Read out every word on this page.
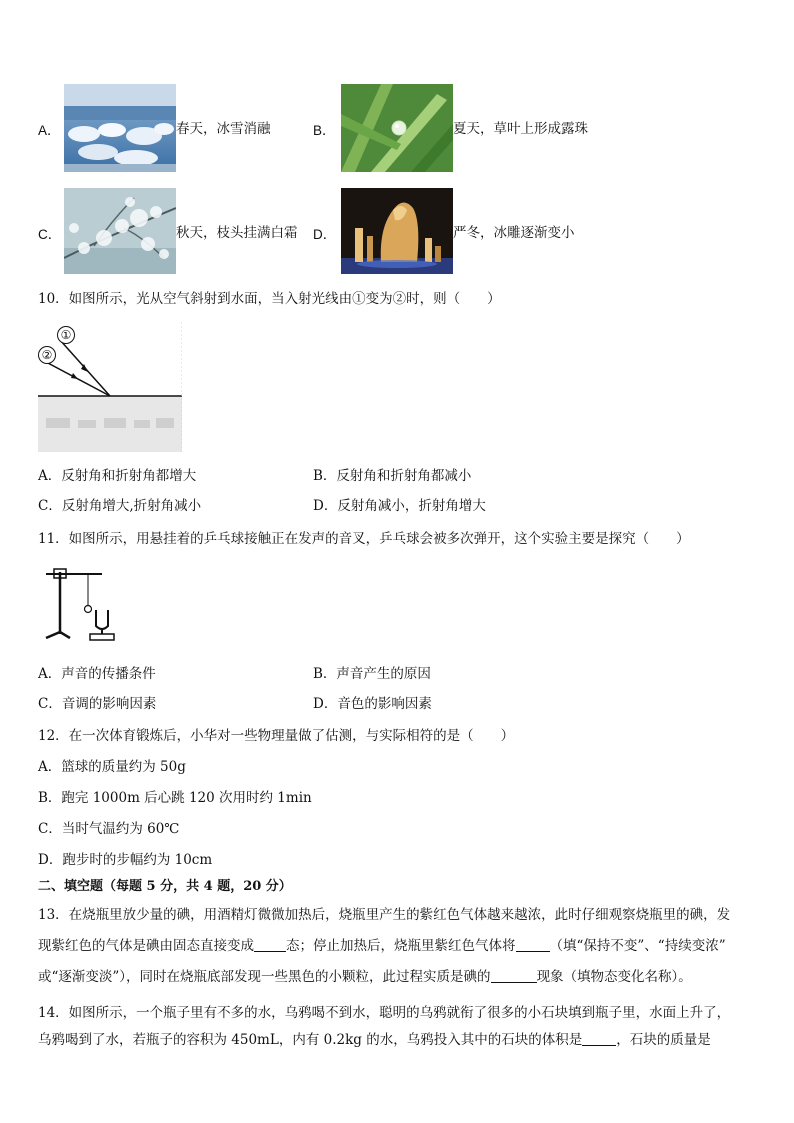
A．	春天，冰雪消融	B．	夏天，草叶上形成露珠
C．	秋天，枝头挂满白霜 D．	严冬，冰雕逐渐变小
10．如图所示，光从空气斜射到水面，当入射光线由①变为②时，则（　　）
①
②
A．反射角和折射角都增大	B．反射角和折射角都减小
C．反射角增大,折射角减小	D．反射角减小，折射角增大
11．如图所示，用悬挂着的乒乓球接触正在发声的音叉，乒乓球会被多次弹开，这个实验主要是探究（　　）
A．声音的传播条件	B．声音产生的原因
C．音调的影响因素	D．音色的影响因素
12．在一次体育锻炼后，小华对一些物理量做了估测，与实际相符的是（　　）
A．篮球的质量约为 50g
B．跑完 1000m 后心跳 120 次用时约 1min
C．当时气温约为 60℃
D．跑步时的步幅约为 10cm
二、填空题（每题 5 分，共 4 题，20 分）
13．在烧瓶里放少量的碘，用酒精灯微微加热后，烧瓶里产生的紫红色气体越来越浓，此时仔细观察烧瓶里的碘，发
现紫红色的气体是碘由固态直接变成 态；停止加热后，烧瓶里紫红色气体将	（填“保持不变”、“持续变浓”
或“逐渐变淡”），同时在烧瓶底部发现一些黑色的小颗粒，此过程实质是碘的	现象（填物态变化名称）。
14．如图所示，一个瓶子里有不多的水，乌鸦喝不到水，聪明的乌鸦就衔了很多的小石块填到瓶子里，水面上升了，
乌鸦喝到了水，若瓶子的容积为 450mL，内有 0.2kg 的水，乌鸦投入其中的石块的体积是	，石块的质量是
